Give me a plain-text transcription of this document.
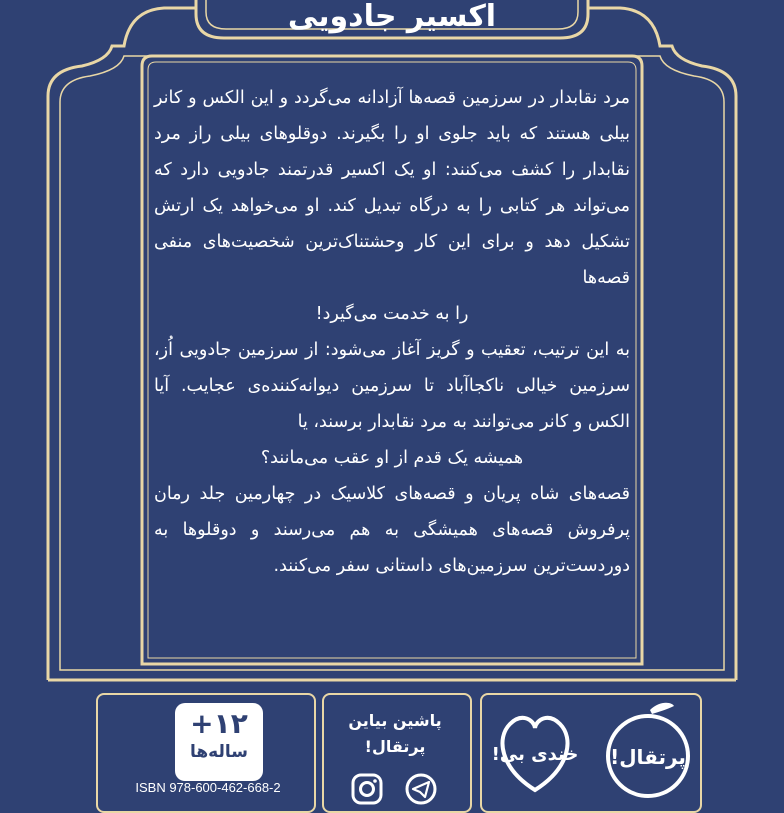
اکسیر جادویی

مرد نقابدار در سرزمین قصه‌ها آزادانه می‌گردد و این الکس و کانر بیلی هستند که باید جلوی او را بگیرند. دوقلوهای بیلی راز مرد نقابدار را کشف می‌کنند: او یک اکسیر قدرتمند جادویی دارد که می‌تواند هر کتابی را به درگاه تبدیل کند. او می‌خواهد یک ارتش تشکیل دهد و برای این کار وحشتناک‌ترین شخصیت‌های منفی قصه‌ها

را به خدمت می‌گیرد!

به این ترتیب، تعقیب و گریز آغاز می‌شود: از سرزمین جادویی اُز، سرزمین خیالی ناکجاآباد تا سرزمین دیوانه‌کننده‌ی عجایب. آیا الکس و کانر می‌توانند به مرد نقابدار برسند، یا

همیشه یک قدم از او عقب می‌مانند؟

قصه‌های شاه پریان و قصه‌های کلاسیک در چهارمین جلد رمان پرفروش قصه‌های همیشگی به هم می‌رسند و دوقلوها به دوردست‌ترین سرزمین‌های داستانی سفر می‌کنند.

+۱۲
ساله‌ها
ISBN 978-600-462-668-2
پاشین بیاین
پرتقال!	خندی بی! پرتقال!
